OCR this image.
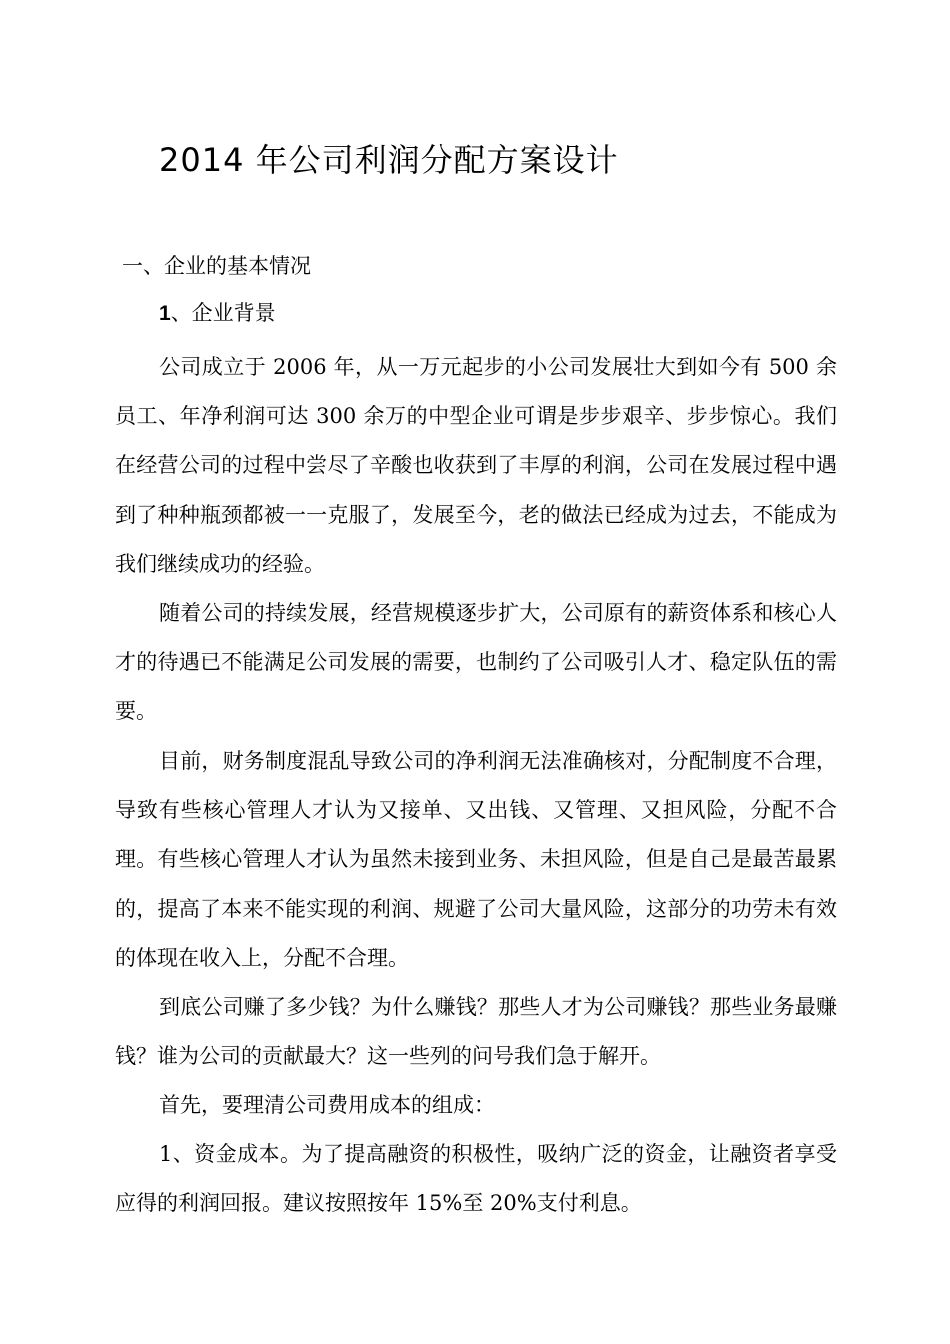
2014 年公司利润分配方案设计
一、企业的基本情况
1、企业背景

公司成立于 2006 年，从一万元起步的小公司发展壮大到如今有 500 余员工、年净利润可达 300 余万的中型企业可谓是步步艰辛、步步惊心。我们在经营公司的过程中尝尽了辛酸也收获到了丰厚的利润，公司在发展过程中遇到了种种瓶颈都被一一克服了，发展至今，老的做法已经成为过去，不能成为我们继续成功的经验。

随着公司的持续发展，经营规模逐步扩大，公司原有的薪资体系和核心人才的待遇已不能满足公司发展的需要，也制约了公司吸引人才、稳定队伍的需要。

目前，财务制度混乱导致公司的净利润无法准确核对，分配制度不合理，导致有些核心管理人才认为又接单、又出钱、又管理、又担风险，分配不合理。有些核心管理人才认为虽然未接到业务、未担风险，但是自己是最苦最累的，提高了本来不能实现的利润、规避了公司大量风险，这部分的功劳未有效的体现在收入上，分配不合理。

到底公司赚了多少钱？为什么赚钱？那些人才为公司赚钱？那些业务最赚钱？谁为公司的贡献最大？这一些列的问号我们急于解开。

首先，要理清公司费用成本的组成：

1、资金成本。为了提高融资的积极性，吸纳广泛的资金，让融资者享受应得的利润回报。建议按照按年 15%至 20%支付利息。
